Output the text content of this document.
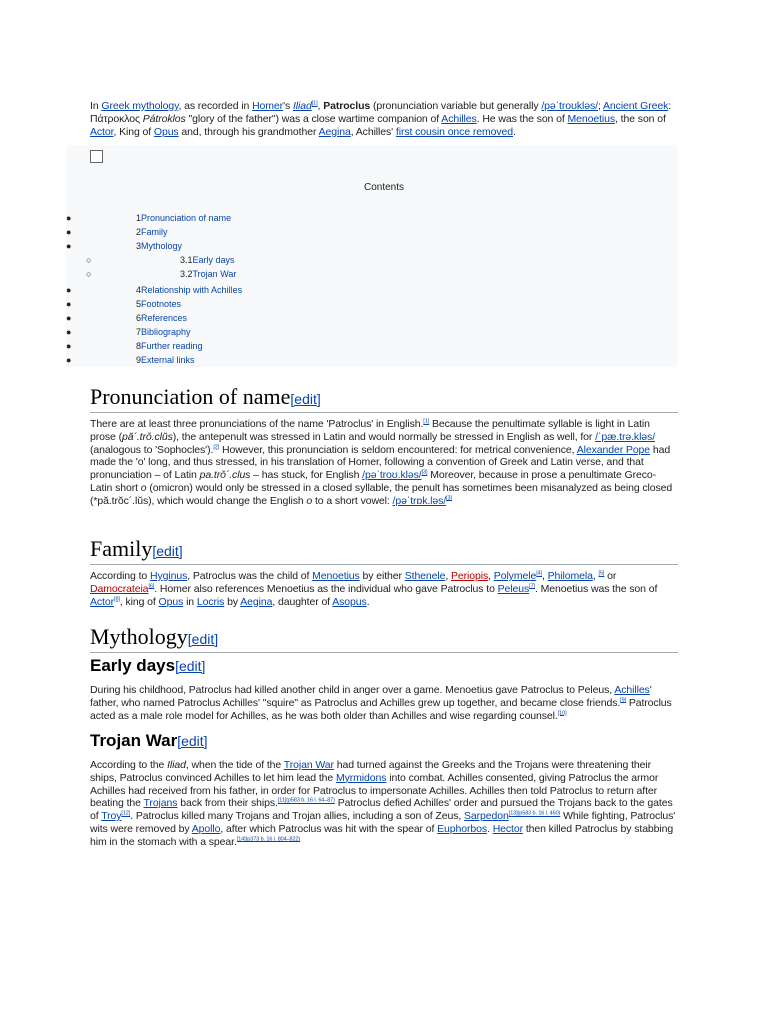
In Greek mythology, as recorded in Homer's Iliad[1], Patroclus (pronunciation variable but generally /pəˈtroʊkləs/; Ancient Greek: Πάτροκλος Pátroklos "glory of the father") was a close wartime companion of Achilles. He was the son of Menoetius, the son of Actor, King of Opus and, through his grandmother Aegina, Achilles' first cousin once removed.
Contents
●	1Pronunciation of name
●	2Family
●	3Mythology
○	3.1Early days
○	3.2Trojan War
●	4Relationship with Achilles
●	5Footnotes
●	6References
●	7Bibliography
●	8Further reading
●	9External links
Pronunciation of name[edit]
There are at least three pronunciations of the name 'Patroclus' in English.[1] Because the penultimate syllable is light in Latin prose (pă´.trŏ.clŭs), the antepenult was stressed in Latin and would normally be stressed in English as well, for /ˈpæ.trə.kləs/ (analogous to 'Sophocles').[2] However, this pronunciation is seldom encountered: for metrical convenience, Alexander Pope had made the 'o' long, and thus stressed, in his translation of Homer, following a convention of Greek and Latin verse, and that pronunciation – of Latin pa.trŏ´.clus – has stuck, for English /pəˈtroʊ.kləs/[3] Moreover, because in prose a penultimate Greco-Latin short o (omicron) would only be stressed in a closed syllable, the penult has sometimes been misanalyzed as being closed (*pă.trŏc´.lŭs), which would change the English o to a short vowel: /pəˈtrɒk.ləs/[3]
Family[edit]
According to Hyginus, Patroclus was the child of Menoetius by either Sthenele, Periopis, Polymele[4], Philomela, [5] or Damocrateia[6]. Homer also references Menoetius as the individual who gave Patroclus to Peleus[7]. Menoetius was the son of Actor[8], king of Opus in Locris by Aegina, daughter of Asopus.
Mythology[edit]
Early days[edit]
During his childhood, Patroclus had killed another child in anger over a game. Menoetius gave Patroclus to Peleus, Achilles' father, who named Patroclus Achilles' "squire" as Patroclus and Achilles grew up together, and became close friends.[9] Patroclus acted as a male role model for Achilles, as he was both older than Achilles and wise regarding counsel.[10]
Trojan War[edit]
According to the Iliad, when the tide of the Trojan War had turned against the Greeks and the Trojans were threatening their ships, Patroclus convinced Achilles to let him lead the Myrmidons into combat. Achilles consented, giving Patroclus the armor Achilles had received from his father, in order for Patroclus to impersonate Achilles. Achilles then told Patroclus to return after beating the Trojans back from their ships.$^{[11](p583 b. 16 l. 64-87)}$ Patroclus defied Achilles' order and pursued the Trojans back to the gates of Troy[12]. Patroclus killed many Trojans and Trojan allies, including a son of Zeus, Sarpedon$^{[13](p583 b. 16 l. 460)}$ While fighting, Patroclus' wits were removed by Apollo, after which Patroclus was hit with the spear of Euphorbos. Hector then killed Patroclus by stabbing him in the stomach with a spear.$^{[14](p373 b. 16 l. 804-822)}$
